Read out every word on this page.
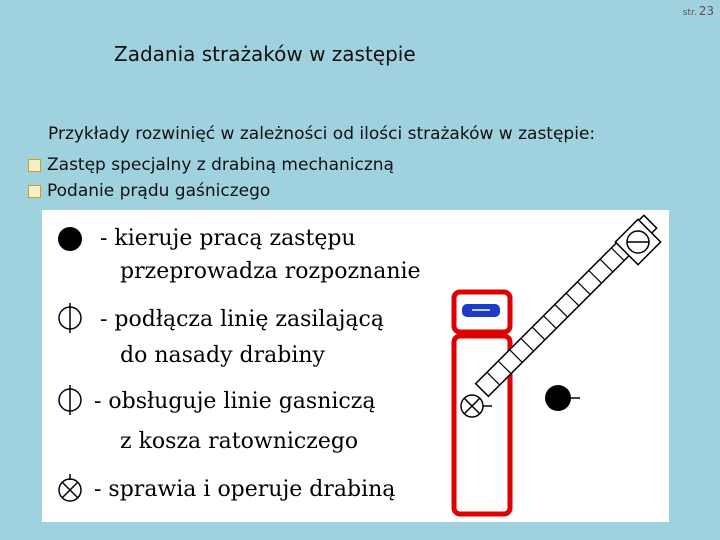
str. 23
Zadania strażaków w zastępie
Przykłady rozwinięć w zależności od ilości strażaków w zastępie:
Zastęp specjalny z drabiną mechaniczną
Podanie prądu gaśniczego
- kieruje pracą zastępu
przeprowadza rozpoznanie
- podłącza linię zasilającą
do nasady drabiny
- obsługuje linie gasniczą
z kosza ratowniczego
- sprawia i operuje drabiną
